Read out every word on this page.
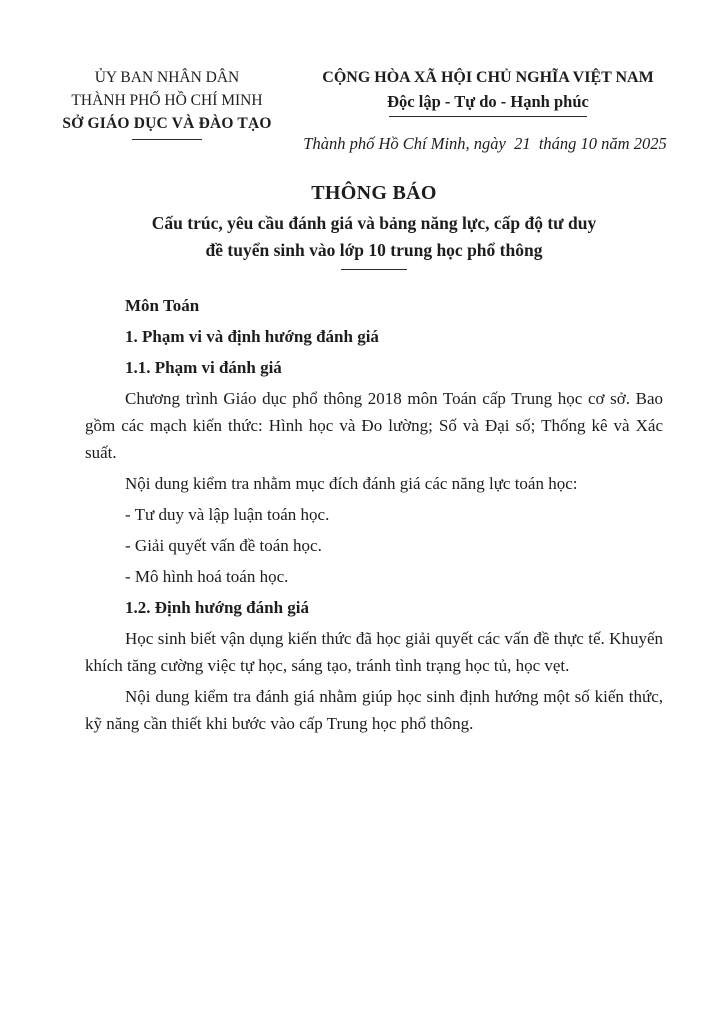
ỦY BAN NHÂN DÂN
THÀNH PHỐ HỒ CHÍ MINH
SỞ GIÁO DỤC VÀ ĐÀO TẠO
CỘNG HÒA XÃ HỘI CHỦ NGHĨA VIỆT NAM
Độc lập - Tự do - Hạnh phúc
Thành phố Hồ Chí Minh, ngày  21  tháng 10 năm 2025

THÔNG BÁO

Cấu trúc, yêu cầu đánh giá và bảng năng lực, cấp độ tư duy

đề tuyển sinh vào lớp 10 trung học phổ thông

Môn Toán

1. Phạm vi và định hướng đánh giá

1.1. Phạm vi đánh giá

Chương trình Giáo dục phổ thông 2018 môn Toán cấp Trung học cơ sở. Bao gồm các mạch kiến thức: Hình học và Đo lường; Số và Đại số; Thống kê và Xác suất.

Nội dung kiểm tra nhằm mục đích đánh giá các năng lực toán học:

- Tư duy và lập luận toán học.

- Giải quyết vấn đề toán học.

- Mô hình hoá toán học.

1.2. Định hướng đánh giá

Học sinh biết vận dụng kiến thức đã học giải quyết các vấn đề thực tế. Khuyến khích tăng cường việc tự học, sáng tạo, tránh tình trạng học tủ, học vẹt.

Nội dung kiểm tra đánh giá nhằm giúp học sinh định hướng một số kiến thức, kỹ năng cần thiết khi bước vào cấp Trung học phổ thông.
